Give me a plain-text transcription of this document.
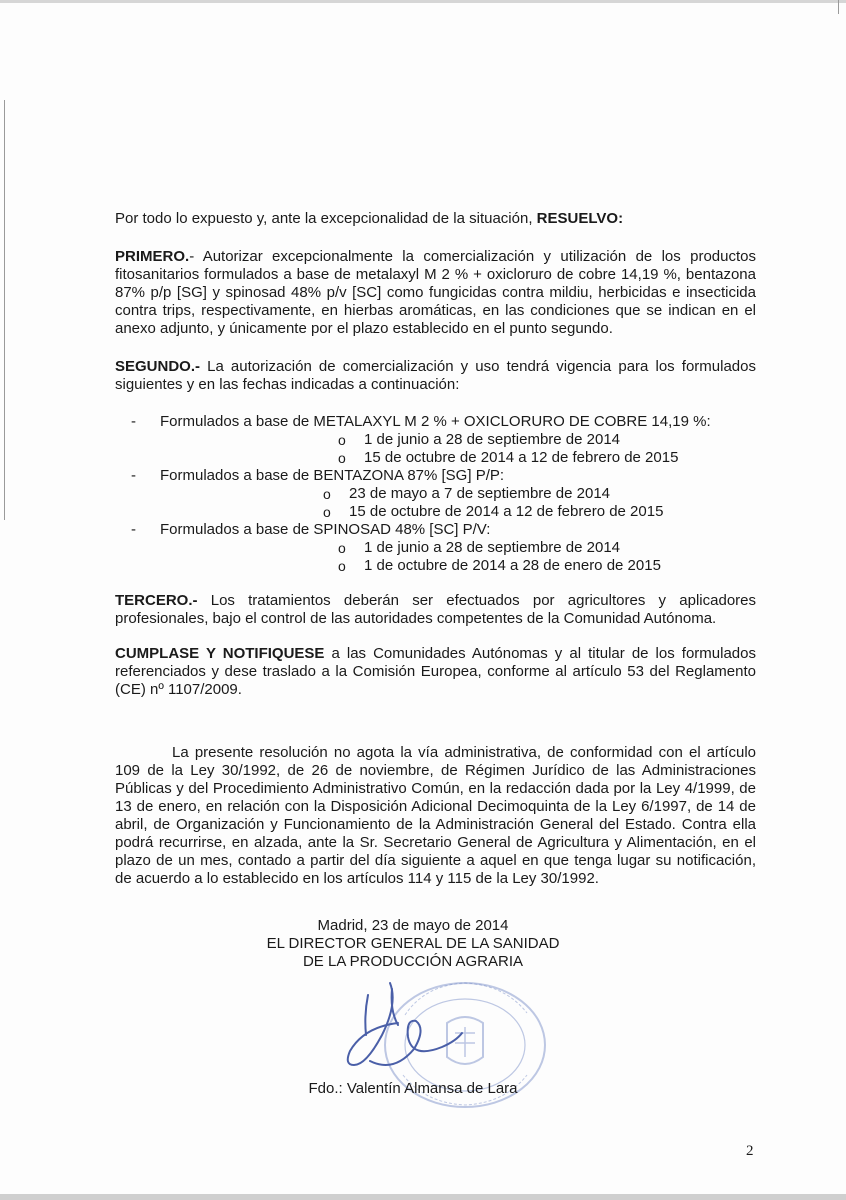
Por todo lo expuesto y, ante la excepcionalidad de la situación, RESUELVO:

PRIMERO.- Autorizar excepcionalmente la comercialización y utilización de los productos fitosanitarios formulados a base de metalaxyl M 2 % + oxicloruro de cobre 14,19 %, bentazona 87% p/p [SG] y spinosad 48% p/v [SC] como fungicidas contra mildiu, herbicidas e insecticida contra trips, respectivamente, en hierbas aromáticas, en las condiciones que se indican en el anexo adjunto, y únicamente por el plazo establecido en el punto segundo.

SEGUNDO.- La autorización de comercialización y uso tendrá vigencia para los formulados siguientes y en las fechas indicadas a continuación:

- Formulados a base de METALAXYL M 2 % + OXICLORURO DE COBRE 14,19 %:
o 1 de junio a 28 de septiembre de 2014
o 15 de octubre de 2014 a 12 de febrero de 2015
- Formulados a base de BENTAZONA 87% [SG] P/P:
o 23 de mayo a 7 de septiembre de 2014
o 15 de octubre de 2014 a 12 de febrero de 2015
- Formulados a base de SPINOSAD 48% [SC] P/V:
o 1 de junio a 28 de septiembre de 2014
o 1 de octubre de 2014 a 28 de enero de 2015

TERCERO.- Los tratamientos deberán ser efectuados por agricultores y aplicadores profesionales, bajo el control de las autoridades competentes de la Comunidad Autónoma.

CUMPLASE Y NOTIFIQUESE a las Comunidades Autónomas y al titular de los formulados referenciados y dese traslado a la Comisión Europea, conforme al artículo 53 del Reglamento (CE) nº 1107/2009.

La presente resolución no agota la vía administrativa, de conformidad con el artículo 109 de la Ley 30/1992, de 26 de noviembre, de Régimen Jurídico de las Administraciones Públicas y del Procedimiento Administrativo Común, en la redacción dada por la Ley 4/1999, de 13 de enero, en relación con la Disposición Adicional Decimoquinta de la Ley 6/1997, de 14 de abril, de Organización y Funcionamiento de la Administración General del Estado. Contra ella podrá recurrirse, en alzada, ante la Sr. Secretario General de Agricultura y Alimentación, en el plazo de un mes, contado a partir del día siguiente a aquel en que tenga lugar su notificación, de acuerdo a lo establecido en los artículos 114 y 115 de la Ley 30/1992.

Madrid, 23 de mayo de 2014
EL DIRECTOR GENERAL DE LA SANIDAD
DE LA PRODUCCIÓN AGRARIA
Fdo.: Valentín Almansa de Lara
2
